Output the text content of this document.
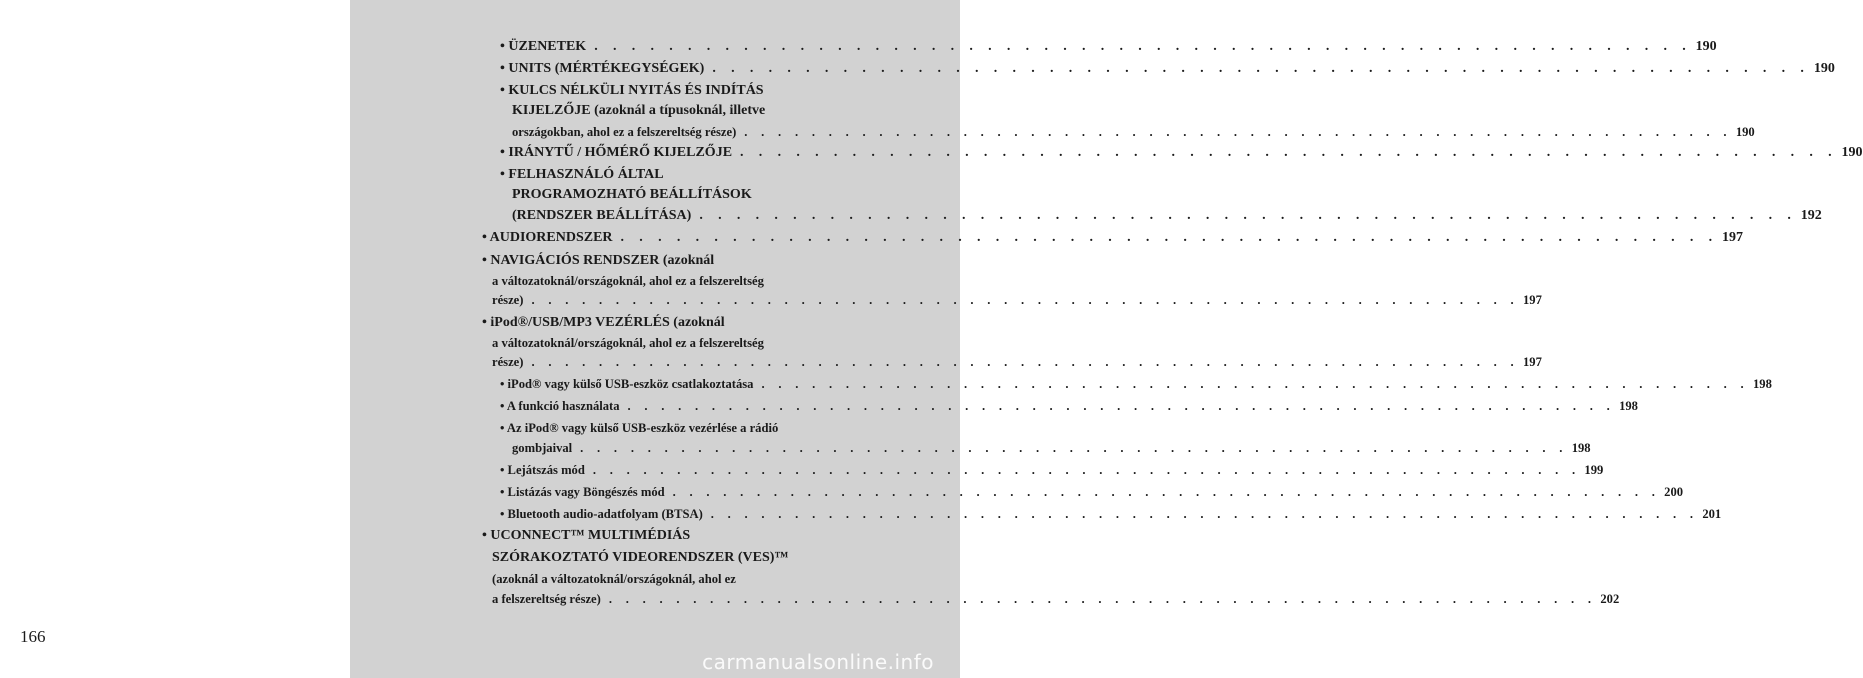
166
• ÜZENETEK . . . . . . . . . . . . . . . . . . . . . . . . . . . . . . . . . . . . . . . . . . . . . . . . . . . . . . . . . . . 190
• UNITS (MÉRTÉKEGYSÉGEK) . . . . . . . . . . . . . . . . . . . . . . . . . . . . . . . . . . . . . . . . . . . . . . . . . . . . . . . . . . . 190
• KULCS NÉLKÜLI NYITÁS ÉS INDÍTÁS
KIJELZŐJE (azoknál a típusoknál, illetve
országokban, ahol ez a felszereltség része) . . . . . . . . . . . . . . . . . . . . . . . . . . . . . . . . . . . . . . . . . . . . . . . . . . . . . . . . . . . 190
• IRÁNYTŰ / HŐMÉRŐ KIJELZŐJE . . . . . . . . . . . . . . . . . . . . . . . . . . . . . . . . . . . . . . . . . . . . . . . . . . . . . . . . . . . 190
• FELHASZNÁLÓ ÁLTAL
PROGRAMOZHATÓ BEÁLLÍTÁSOK
(RENDSZER BEÁLLÍTÁSA) . . . . . . . . . . . . . . . . . . . . . . . . . . . . . . . . . . . . . . . . . . . . . . . . . . . . . . . . . . . 192
• AUDIORENDSZER . . . . . . . . . . . . . . . . . . . . . . . . . . . . . . . . . . . . . . . . . . . . . . . . . . . . . . . . . . . 197
• NAVIGÁCIÓS RENDSZER (azoknál
a változatoknál/országoknál, ahol ez a felszereltség
része) . . . . . . . . . . . . . . . . . . . . . . . . . . . . . . . . . . . . . . . . . . . . . . . . . . . . . . . . . . . 197
• iPod®/USB/MP3 VEZÉRLÉS (azoknál
a változatoknál/országoknál, ahol ez a felszereltség
része) . . . . . . . . . . . . . . . . . . . . . . . . . . . . . . . . . . . . . . . . . . . . . . . . . . . . . . . . . . . 197
• iPod® vagy külső USB-eszköz csatlakoztatása . . . . . . . . . . . . . . . . . . . . . . . . . . . . . . . . . . . . . . . . . . . . . . . . . . . . . . . . . . . 198
• A funkció használata . . . . . . . . . . . . . . . . . . . . . . . . . . . . . . . . . . . . . . . . . . . . . . . . . . . . . . . . . . . 198
• Az iPod® vagy külső USB-eszköz vezérlése a rádió
gombjaival . . . . . . . . . . . . . . . . . . . . . . . . . . . . . . . . . . . . . . . . . . . . . . . . . . . . . . . . . . . 198
• Lejátszás mód . . . . . . . . . . . . . . . . . . . . . . . . . . . . . . . . . . . . . . . . . . . . . . . . . . . . . . . . . . . 199
• Listázás vagy Böngészés mód . . . . . . . . . . . . . . . . . . . . . . . . . . . . . . . . . . . . . . . . . . . . . . . . . . . . . . . . . . . 200
• Bluetooth audio-adatfolyam (BTSA) . . . . . . . . . . . . . . . . . . . . . . . . . . . . . . . . . . . . . . . . . . . . . . . . . . . . . . . . . . . 201
• UCONNECT™ MULTIMÉDIÁS
SZÓRAKOZTATÓ VIDEORENDSZER (VES)™
(azoknál a változatoknál/országoknál, ahol ez
a felszereltség része) . . . . . . . . . . . . . . . . . . . . . . . . . . . . . . . . . . . . . . . . . . . . . . . . . . . . . . . . . . . 202
carmanualsonline.info
